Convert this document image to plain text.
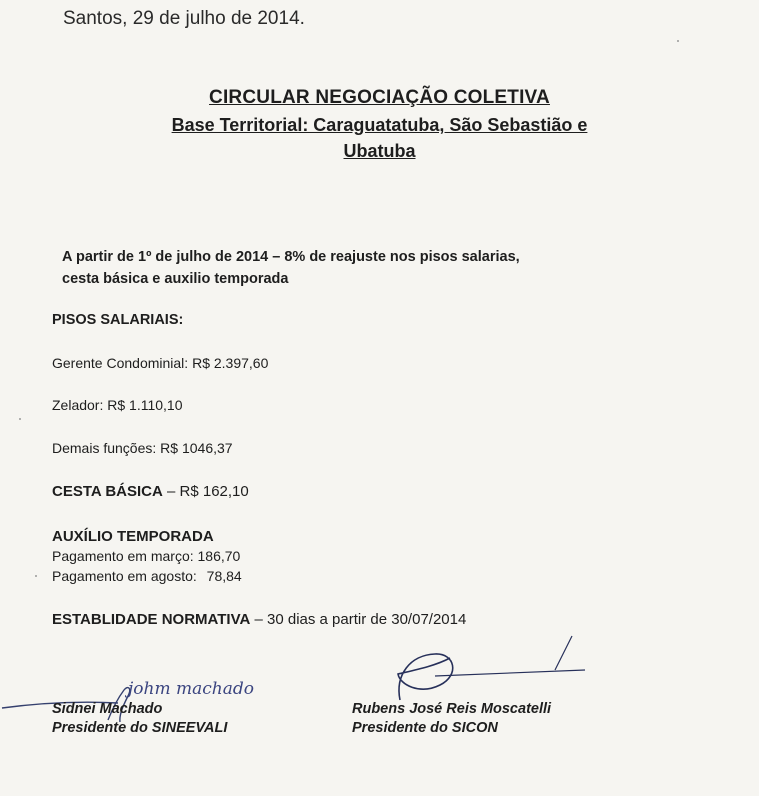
Santos, 29 de julho de 2014.
CIRCULAR NEGOCIAÇÃO COLETIVA
Base Territorial: Caraguatatuba, São Sebastião e
Ubatuba
A partir de 1º de julho de 2014 – 8% de reajuste nos pisos salarias,
cesta básica e auxilio temporada
PISOS SALARIAIS:
Gerente Condominial: R$ 2.397,60
Zelador: R$ 1.110,10
Demais funções: R$ 1046,37
CESTA BÁSICA – R$ 162,10
AUXÍLIO TEMPORADA
Pagamento em março: 186,70
Pagamento em agosto: 78,84
ESTABLIDADE NORMATIVA – 30 dias a partir de 30/07/2014
johm machado
Sidnei Machado
Presidente do SINEEVALI
Rubens José Reis Moscatelli
Presidente do SICON
